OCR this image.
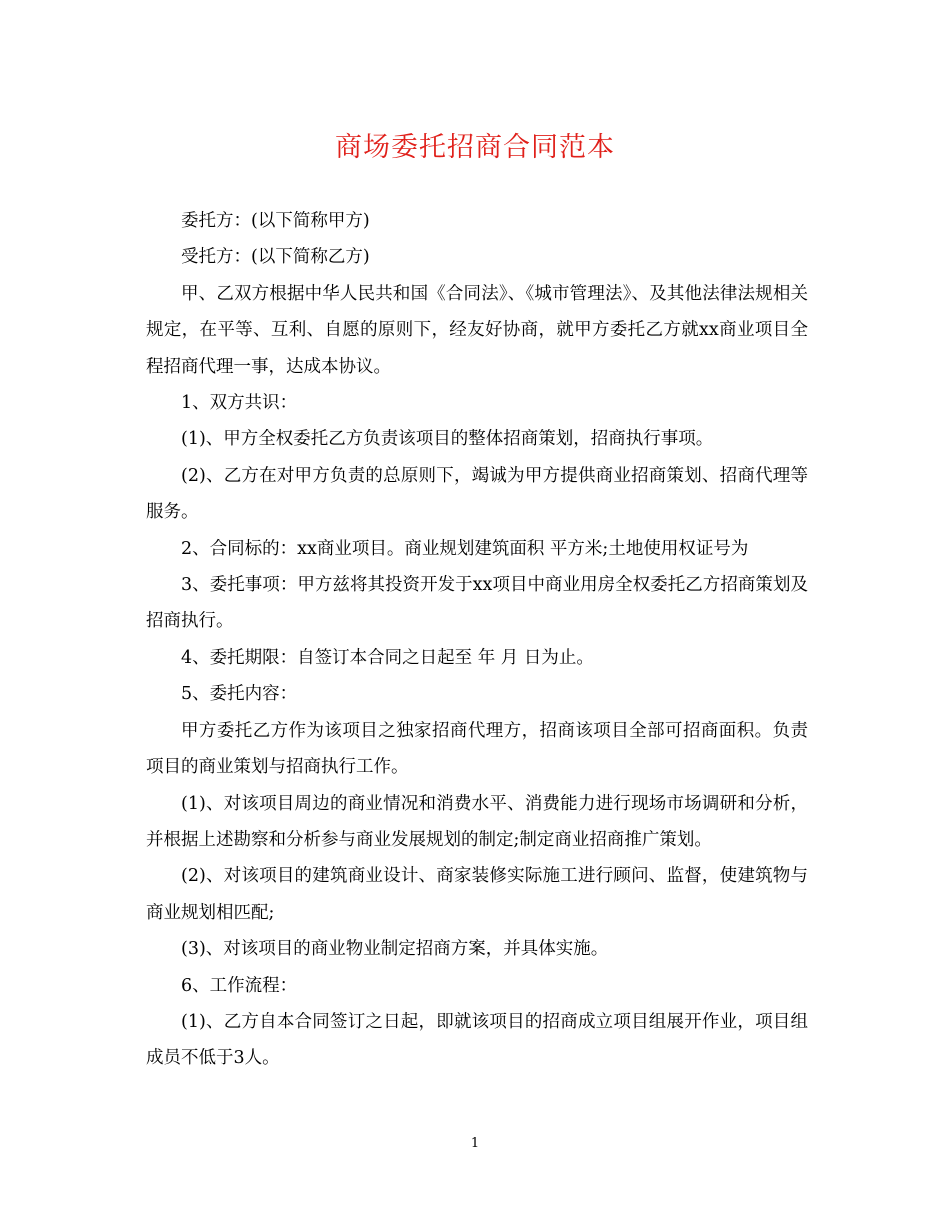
商场委托招商合同范本

委托方：(以下简称甲方)

受托方：(以下简称乙方)

甲、乙双方根据中华人民共和国《合同法》、《城市管理法》、及其他法律法规相关规定，在平等、互利、自愿的原则下，经友好协商，就甲方委托乙方就xx商业项目全程招商代理一事，达成本协议。

1、双方共识：

(1)、甲方全权委托乙方负责该项目的整体招商策划，招商执行事项。

(2)、乙方在对甲方负责的总原则下，竭诚为甲方提供商业招商策划、招商代理等服务。

2、合同标的：xx商业项目。商业规划建筑面积 平方米;土地使用权证号为

3、委托事项：甲方兹将其投资开发于xx项目中商业用房全权委托乙方招商策划及招商执行。

4、委托期限：自签订本合同之日起至 年 月 日为止。

5、委托内容：

甲方委托乙方作为该项目之独家招商代理方，招商该项目全部可招商面积。负责项目的商业策划与招商执行工作。

(1)、对该项目周边的商业情况和消费水平、消费能力进行现场市场调研和分析，并根据上述勘察和分析参与商业发展规划的制定;制定商业招商推广策划。

(2)、对该项目的建筑商业设计、商家装修实际施工进行顾问、监督，使建筑物与商业规划相匹配;

(3)、对该项目的商业物业制定招商方案，并具体实施。

6、工作流程：

(1)、乙方自本合同签订之日起，即就该项目的招商成立项目组展开作业，项目组成员不低于3人。

1
